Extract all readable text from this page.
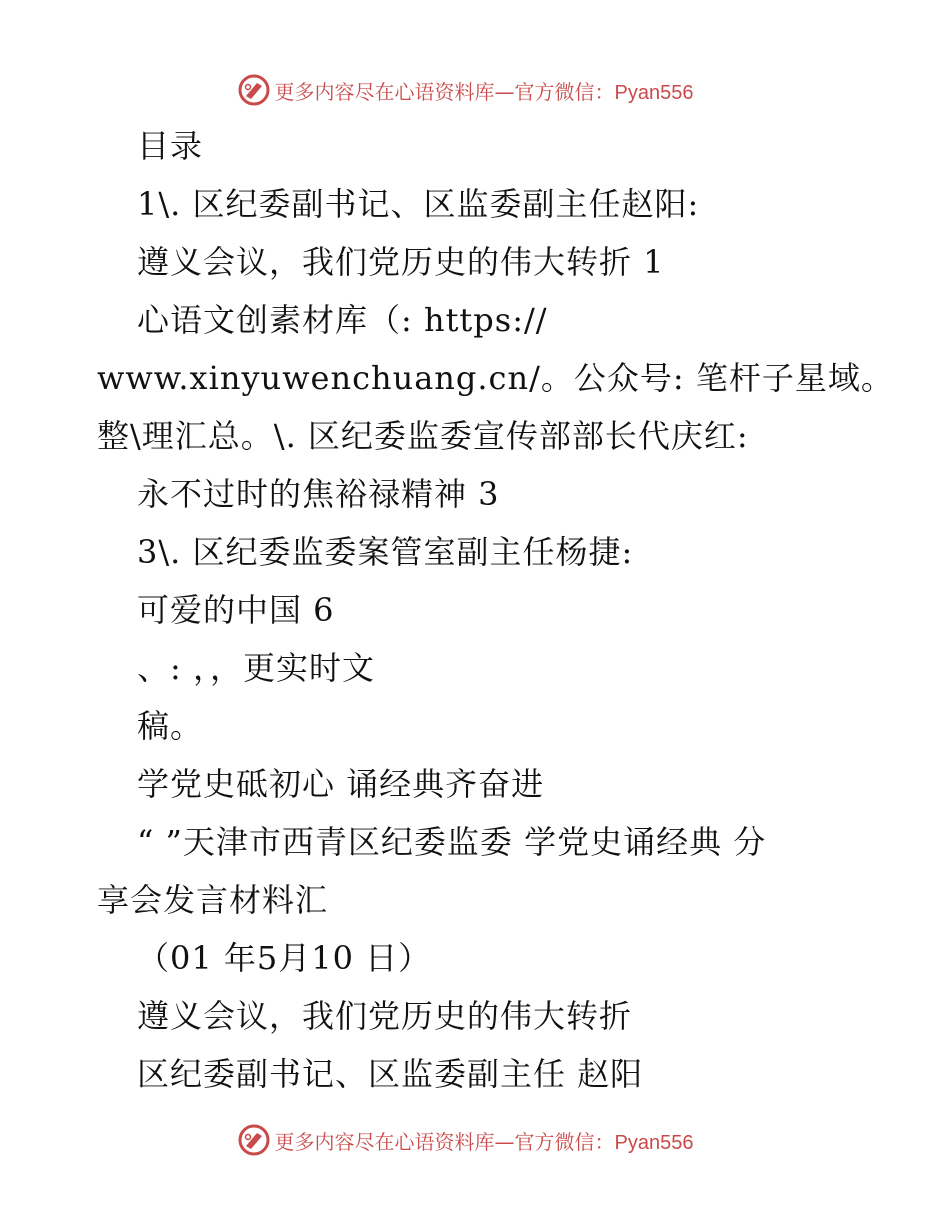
更多内容尽在心语资料库—官方微信：Pyan556
目录
1\. 区纪委副书记、区监委副主任赵阳:
遵义会议，我们党历史的伟大转折 1
心语文创素材库（: https://
www.xinyuwenchuang.cn/。公众号: 笔杆子星域。
整\理汇总。\. 区纪委监委宣传部部长代庆红:
永不过时的焦裕禄精神 3
3\. 区纪委监委案管室副主任杨捷:
可爱的中国 6
、: ，，更实时文
稿。
学党史砥初心 诵经典齐奋进
“ ”天津市西青区纪委监委 学党史诵经典 分
享会发言材料汇
（01 年5月10 日）
遵义会议，我们党历史的伟大转折
区纪委副书记、区监委副主任 赵阳
更多内容尽在心语资料库—官方微信：Pyan556
